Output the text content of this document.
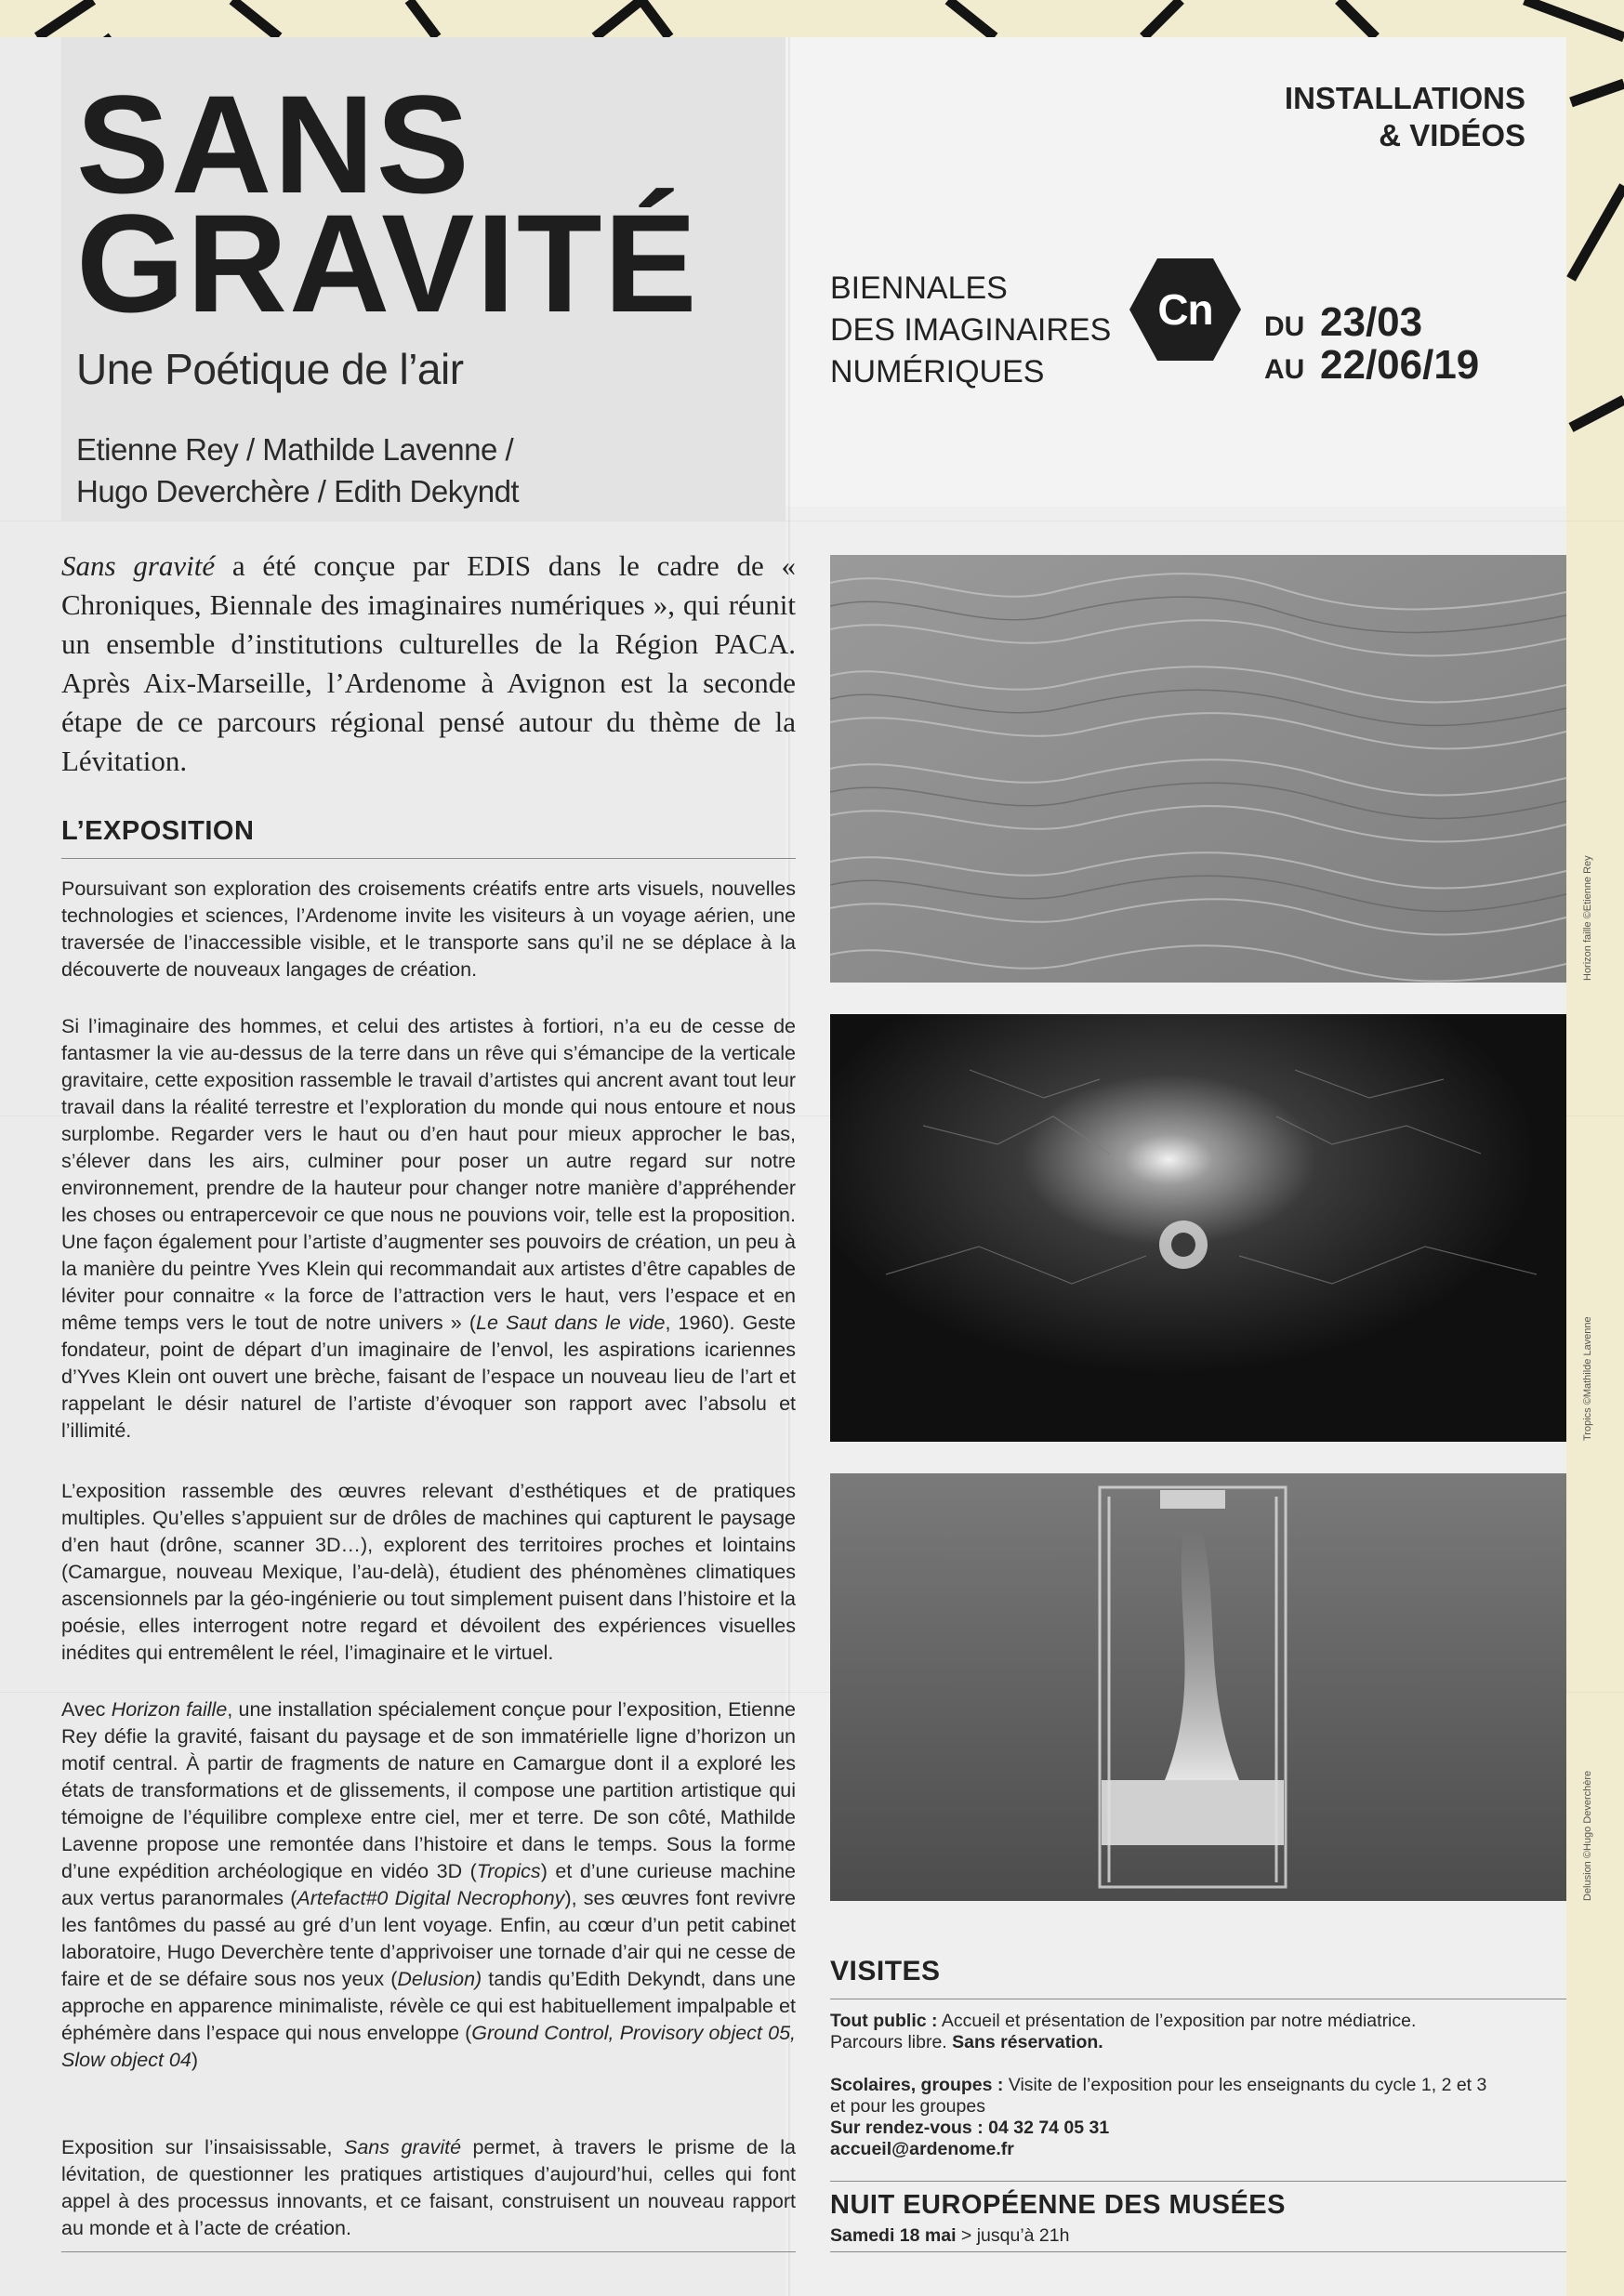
SANS
GRAVITÉ
Une Poétique de l’air
Etienne Rey / Mathilde Lavenne /
Hugo Deverchère / Edith Dekyndt
INSTALLATIONS
& VIDÉOS
BIENNALES
DES IMAGINAIRES
NUMÉRIQUES
Cn	DU 23/03
AU 22/06/19

Sans gravité a été conçue par EDIS dans le cadre de « Chroniques, Biennale des imaginaires numériques », qui réunit un ensemble d’institutions culturelles de la Région PACA. Après Aix-Marseille, l’Ardenome à Avignon est la seconde étape de ce parcours régional pensé autour du thème de la Lévitation.

L’EXPOSITION

Poursuivant son exploration des croisements créatifs entre arts visuels, nouvelles technologies et sciences, l’Ardenome invite les visiteurs à un voyage aérien, une traversée de l’inaccessible visible, et le transporte sans qu’il ne se déplace à la découverte de nouveaux langages de création.

Si l’imaginaire des hommes, et celui des artistes à fortiori, n’a eu de cesse de fantasmer la vie au-dessus de la terre dans un rêve qui s’émancipe de la verticale gravitaire, cette exposition rassemble le travail d’artistes qui ancrent avant tout leur travail dans la réalité terrestre et l’exploration du monde qui nous entoure et nous surplombe. Regarder vers le haut ou d’en haut pour mieux approcher le bas, s’élever dans les airs, culminer pour poser un autre regard sur notre environnement, prendre de la hauteur pour changer notre manière d’appréhender les choses ou entrapercevoir ce que nous ne pouvions voir, telle est la proposition. Une façon également pour l’artiste d’augmenter ses pouvoirs de création, un peu à la manière du peintre Yves Klein qui recommandait aux artistes d’être capables de léviter pour connaitre « la force de l’attraction vers le haut, vers l’espace et en même temps vers le tout de notre univers » (Le Saut dans le vide, 1960). Geste fondateur, point de départ d’un imaginaire de l’envol, les aspirations icariennes d’Yves Klein ont ouvert une brèche, faisant de l’espace un nouveau lieu de l’art et rappelant le désir naturel de l’artiste d’évoquer son rapport avec l’absolu et l’illimité.

L’exposition rassemble des œuvres relevant d’esthétiques et de pratiques multiples. Qu’elles s’appuient sur de drôles de machines qui capturent le paysage d’en haut (drône, scanner 3D…), explorent des territoires proches et lointains (Camargue, nouveau Mexique, l’au-delà), étudient des phénomènes climatiques ascensionnels par la géo-ingénierie ou tout simplement puisent dans l’histoire et la poésie, elles interrogent notre regard et dévoilent des expériences visuelles inédites qui entremêlent le réel, l’imaginaire et le virtuel.

Avec Horizon faille, une installation spécialement conçue pour l’exposition, Etienne Rey défie la gravité, faisant du paysage et de son immatérielle ligne d’horizon un motif central. À partir de fragments de nature en Camargue dont il a exploré les états de transformations et de glissements, il compose une partition artistique qui témoigne de l’équilibre complexe entre ciel, mer et terre. De son côté, Mathilde Lavenne propose une remontée dans l’histoire et dans le temps. Sous la forme d’une expédition archéologique en vidéo 3D (Tropics) et d’une curieuse machine aux vertus paranormales (Artefact#0 Digital Necrophony), ses œuvres font revivre les fantômes du passé au gré d’un lent voyage. Enfin, au cœur d’un petit cabinet laboratoire, Hugo Deverchère tente d’apprivoiser une tornade d’air qui ne cesse de faire et de se défaire sous nos yeux (Delusion) tandis qu’Edith Dekyndt, dans une approche en apparence minimaliste, révèle ce qui est habituellement impalpable et éphémère dans l’espace qui nous enveloppe (Ground Control, Provisory object 05, Slow object 04)

Exposition sur l’insaisissable, Sans gravité permet, à travers le prisme de la lévitation, de questionner les pratiques artistiques d’aujourd’hui, celles qui font appel à des processus innovants, et ce faisant, construisent un nouveau rapport au monde et à l’acte de création.

Horizon faille ©Etienne Rey
Tropics ©Mathilde Lavenne
Delusion ©Hugo Deverchère
VISITES
Tout public : Accueil et présentation de l’exposition par notre médiatrice.
Parcours libre. Sans réservation.
Scolaires, groupes : Visite de l’exposition pour les enseignants du cycle 1, 2 et 3
et pour les groupes
Sur rendez-vous : 04 32 74 05 31
accueil@ardenome.fr
NUIT EUROPÉENNE DES MUSÉES
Samedi 18 mai > jusqu’à 21h
